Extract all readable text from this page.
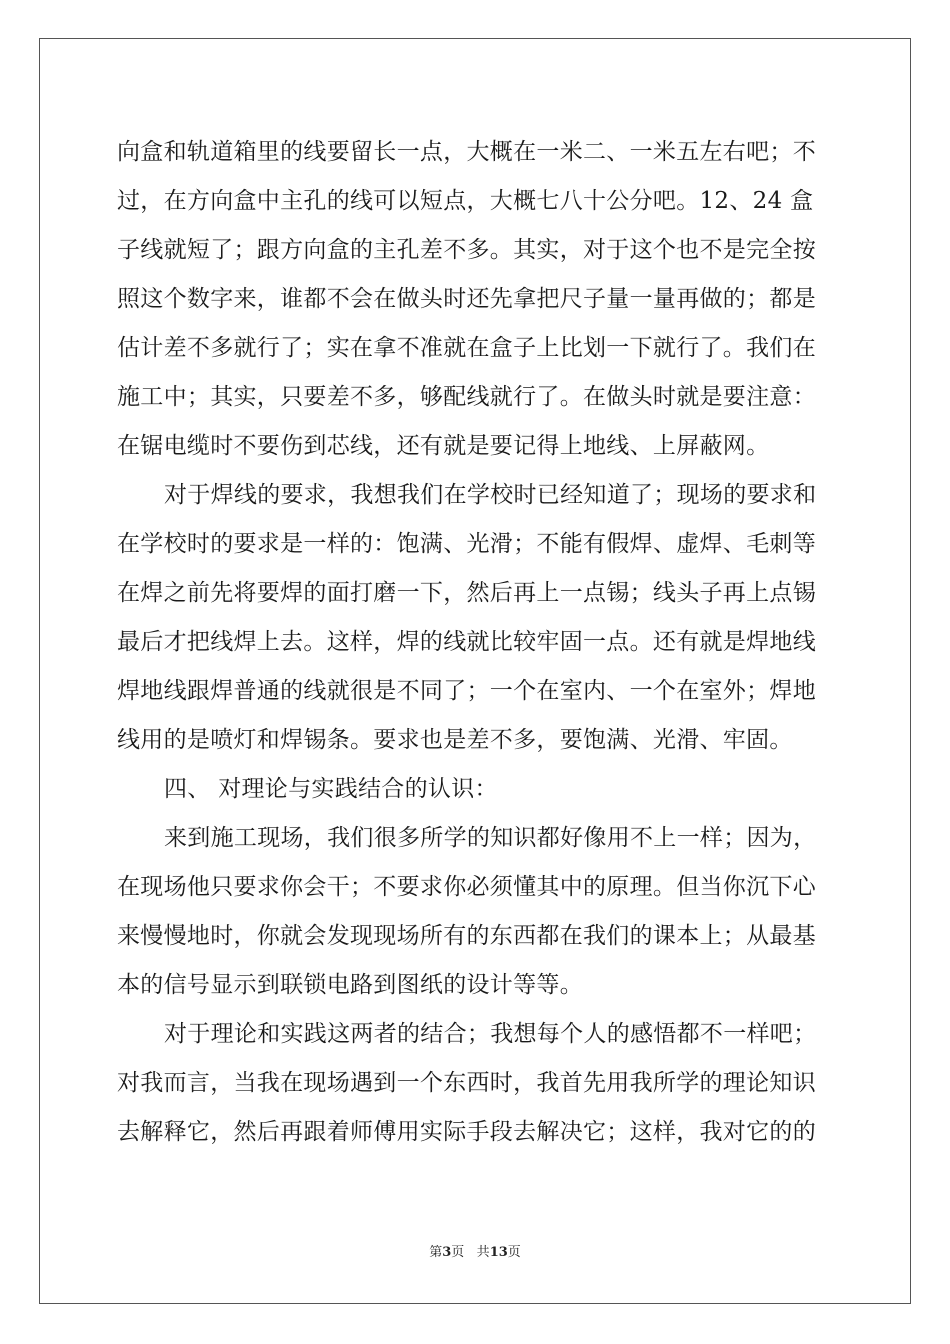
向盒和轨道箱里的线要留长一点，大概在一米二、一米五左右吧；不
过，在方向盒中主孔的线可以短点，大概七八十公分吧。12、24 盒
子线就短了；跟方向盒的主孔差不多。其实，对于这个也不是完全按
照这个数字来，谁都不会在做头时还先拿把尺子量一量再做的；都是
估计差不多就行了；实在拿不准就在盒子上比划一下就行了。我们在
施工中；其实，只要差不多，够配线就行了。在做头时就是要注意：
在锯电缆时不要伤到芯线，还有就是要记得上地线、上屏蔽网。
对于焊线的要求，我想我们在学校时已经知道了；现场的要求和
在学校时的要求是一样的：饱满、光滑；不能有假焊、虚焊、毛刺等
在焊之前先将要焊的面打磨一下，然后再上一点锡；线头子再上点锡
最后才把线焊上去。这样，焊的线就比较牢固一点。还有就是焊地线
焊地线跟焊普通的线就很是不同了；一个在室内、一个在室外；焊地
线用的是喷灯和焊锡条。要求也是差不多，要饱满、光滑、牢固。
四、 对理论与实践结合的认识：
来到施工现场，我们很多所学的知识都好像用不上一样；因为，
在现场他只要求你会干；不要求你必须懂其中的原理。但当你沉下心
来慢慢地时，你就会发现现场所有的东西都在我们的课本上；从最基
本的信号显示到联锁电路到图纸的设计等等。
对于理论和实践这两者的结合；我想每个人的感悟都不一样吧；
对我而言，当我在现场遇到一个东西时，我首先用我所学的理论知识
去解释它，然后再跟着师傅用实际手段去解决它；这样，我对它的的
第3页 共13页
